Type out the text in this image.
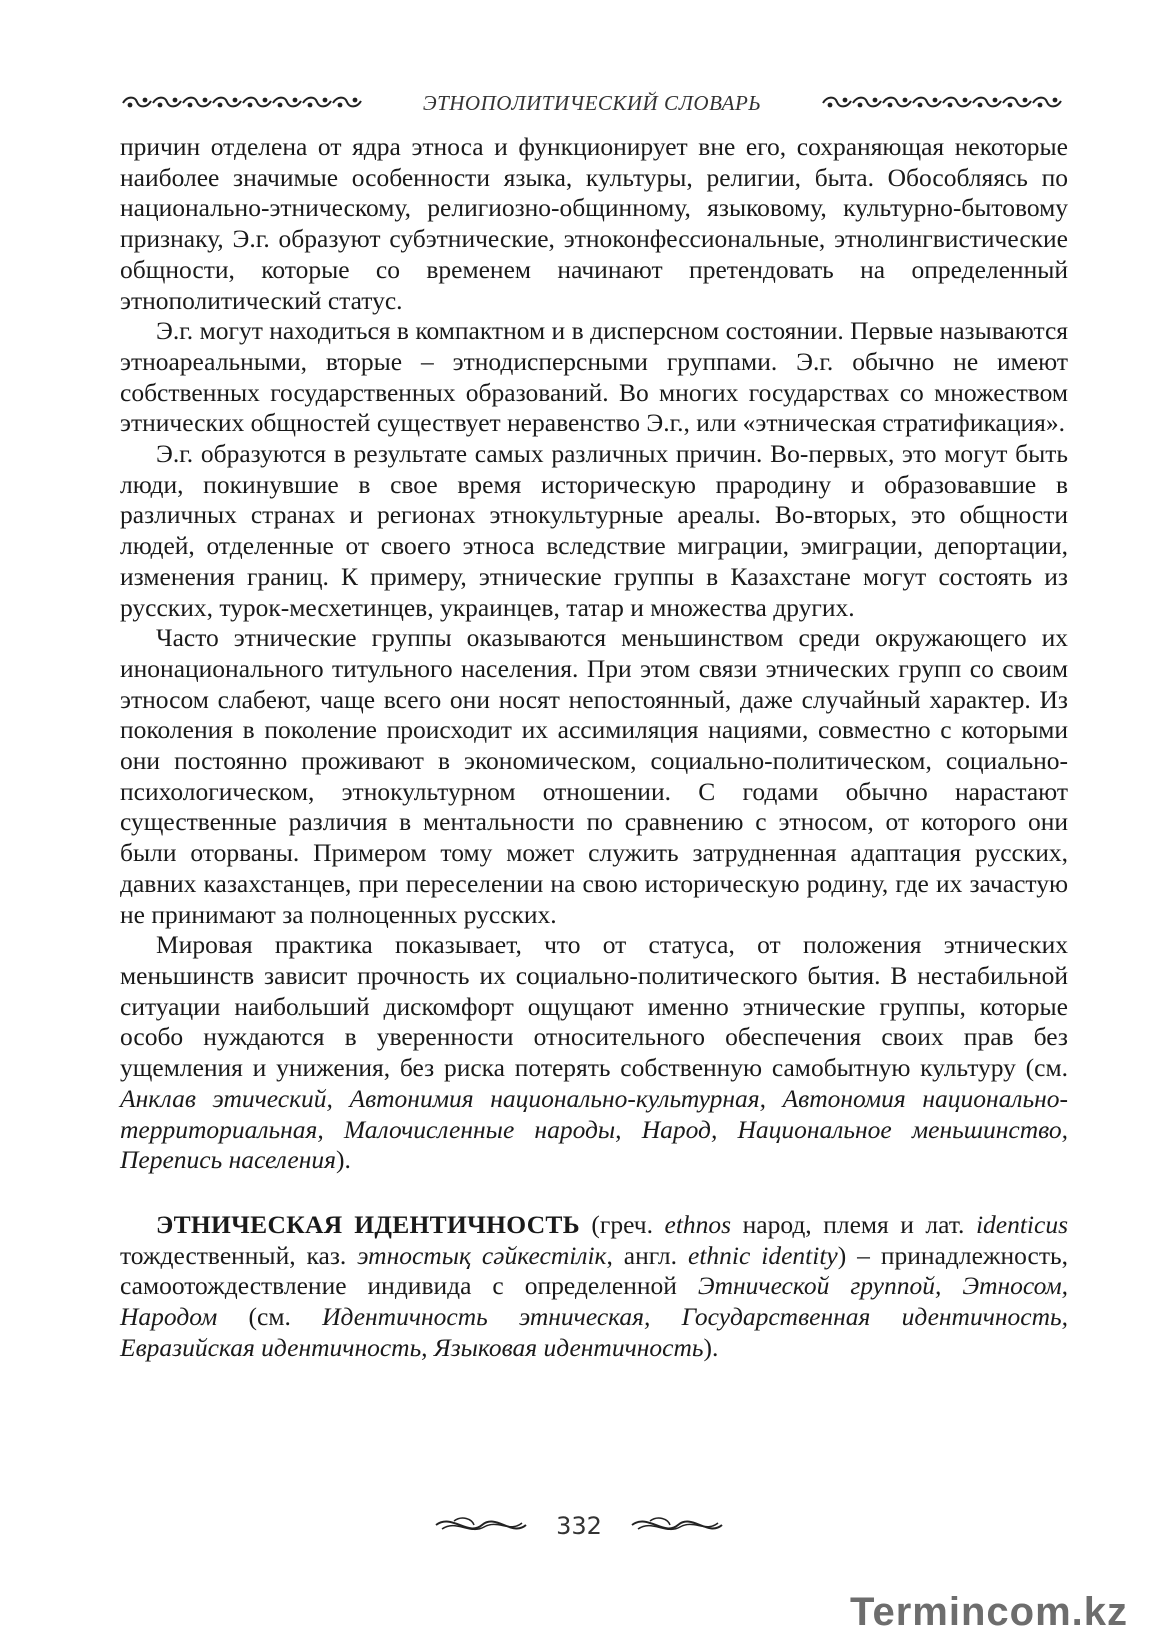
ЭТНОПОЛИТИЧЕСКИЙ СЛОВАРЬ

причин отделена от ядра этноса и функционирует вне его, сохраняющая некоторые наиболее значимые особенности языка, культуры, религии, быта. Обособляясь по национально-этническому, религиозно-общинному, языковому, культурно-бытовому признаку, Э.г. образуют субэтнические, этноконфессиональные, этнолингвистические общности, которые со временем начинают претендовать на определенный этнополитический статус.

Э.г. могут находиться в компактном и в дисперсном состоянии. Первые называются этноареальными, вторые – этнодисперсными группами. Э.г. обычно не имеют собственных государственных образований. Во многих государствах со множеством этнических общностей существует неравенство Э.г., или «этническая стратификация».

Э.г. образуются в результате самых различных причин. Во-первых, это могут быть люди, покинувшие в свое время историческую прародину и образовавшие в различных странах и регионах этнокультурные ареалы. Во-вторых, это общности людей, отделенные от своего этноса вследствие миграции, эмиграции, депортации, изменения границ. К примеру, этнические группы в Казахстане могут состоять из русских, турок-месхетинцев, украинцев, татар и множества других.

Часто этнические группы оказываются меньшинством среди окружающего их инонационального титульного населения. При этом связи этнических групп со своим этносом слабеют, чаще всего они носят непостоянный, даже случайный характер. Из поколения в поколение происходит их ассимиляция нациями, совместно с которыми они постоянно проживают в экономическом, социально-политическом, социально-психологическом, этнокультурном отношении. С годами обычно нарастают существенные различия в ментальности по сравнению с этносом, от которого они были оторваны. Примером тому может служить затрудненная адаптация русских, давних казахстанцев, при переселении на свою историческую родину, где их зачастую не принимают за полноценных русских.

Мировая практика показывает, что от статуса, от положения этнических меньшинств зависит прочность их социально-политического бытия. В нестабильной ситуации наибольший дискомфорт ощущают именно этнические группы, которые особо нуждаются в уверенности относительного обеспечения своих прав без ущемления и унижения, без риска потерять собственную самобытную культуру (см. Анклав этический, Автонимия национально-культурная, Автономия национально-территориальная, Малочисленные народы, Народ, Национальное меньшинство, Перепись населения).

ЭТНИЧЕСКАЯ ИДЕНТИЧНОСТЬ (греч. ethnos народ, племя и лат. identicus тождественный, каз. этностық сәйкестілік, англ. ethnic identity) – принадлежность, самоотождествление индивида с определенной Этнической группой, Этносом, Народом (см. Идентичность этническая, Государственная идентичность, Евразийская идентичность, Языковая идентичность).

332
Termincom.kz
